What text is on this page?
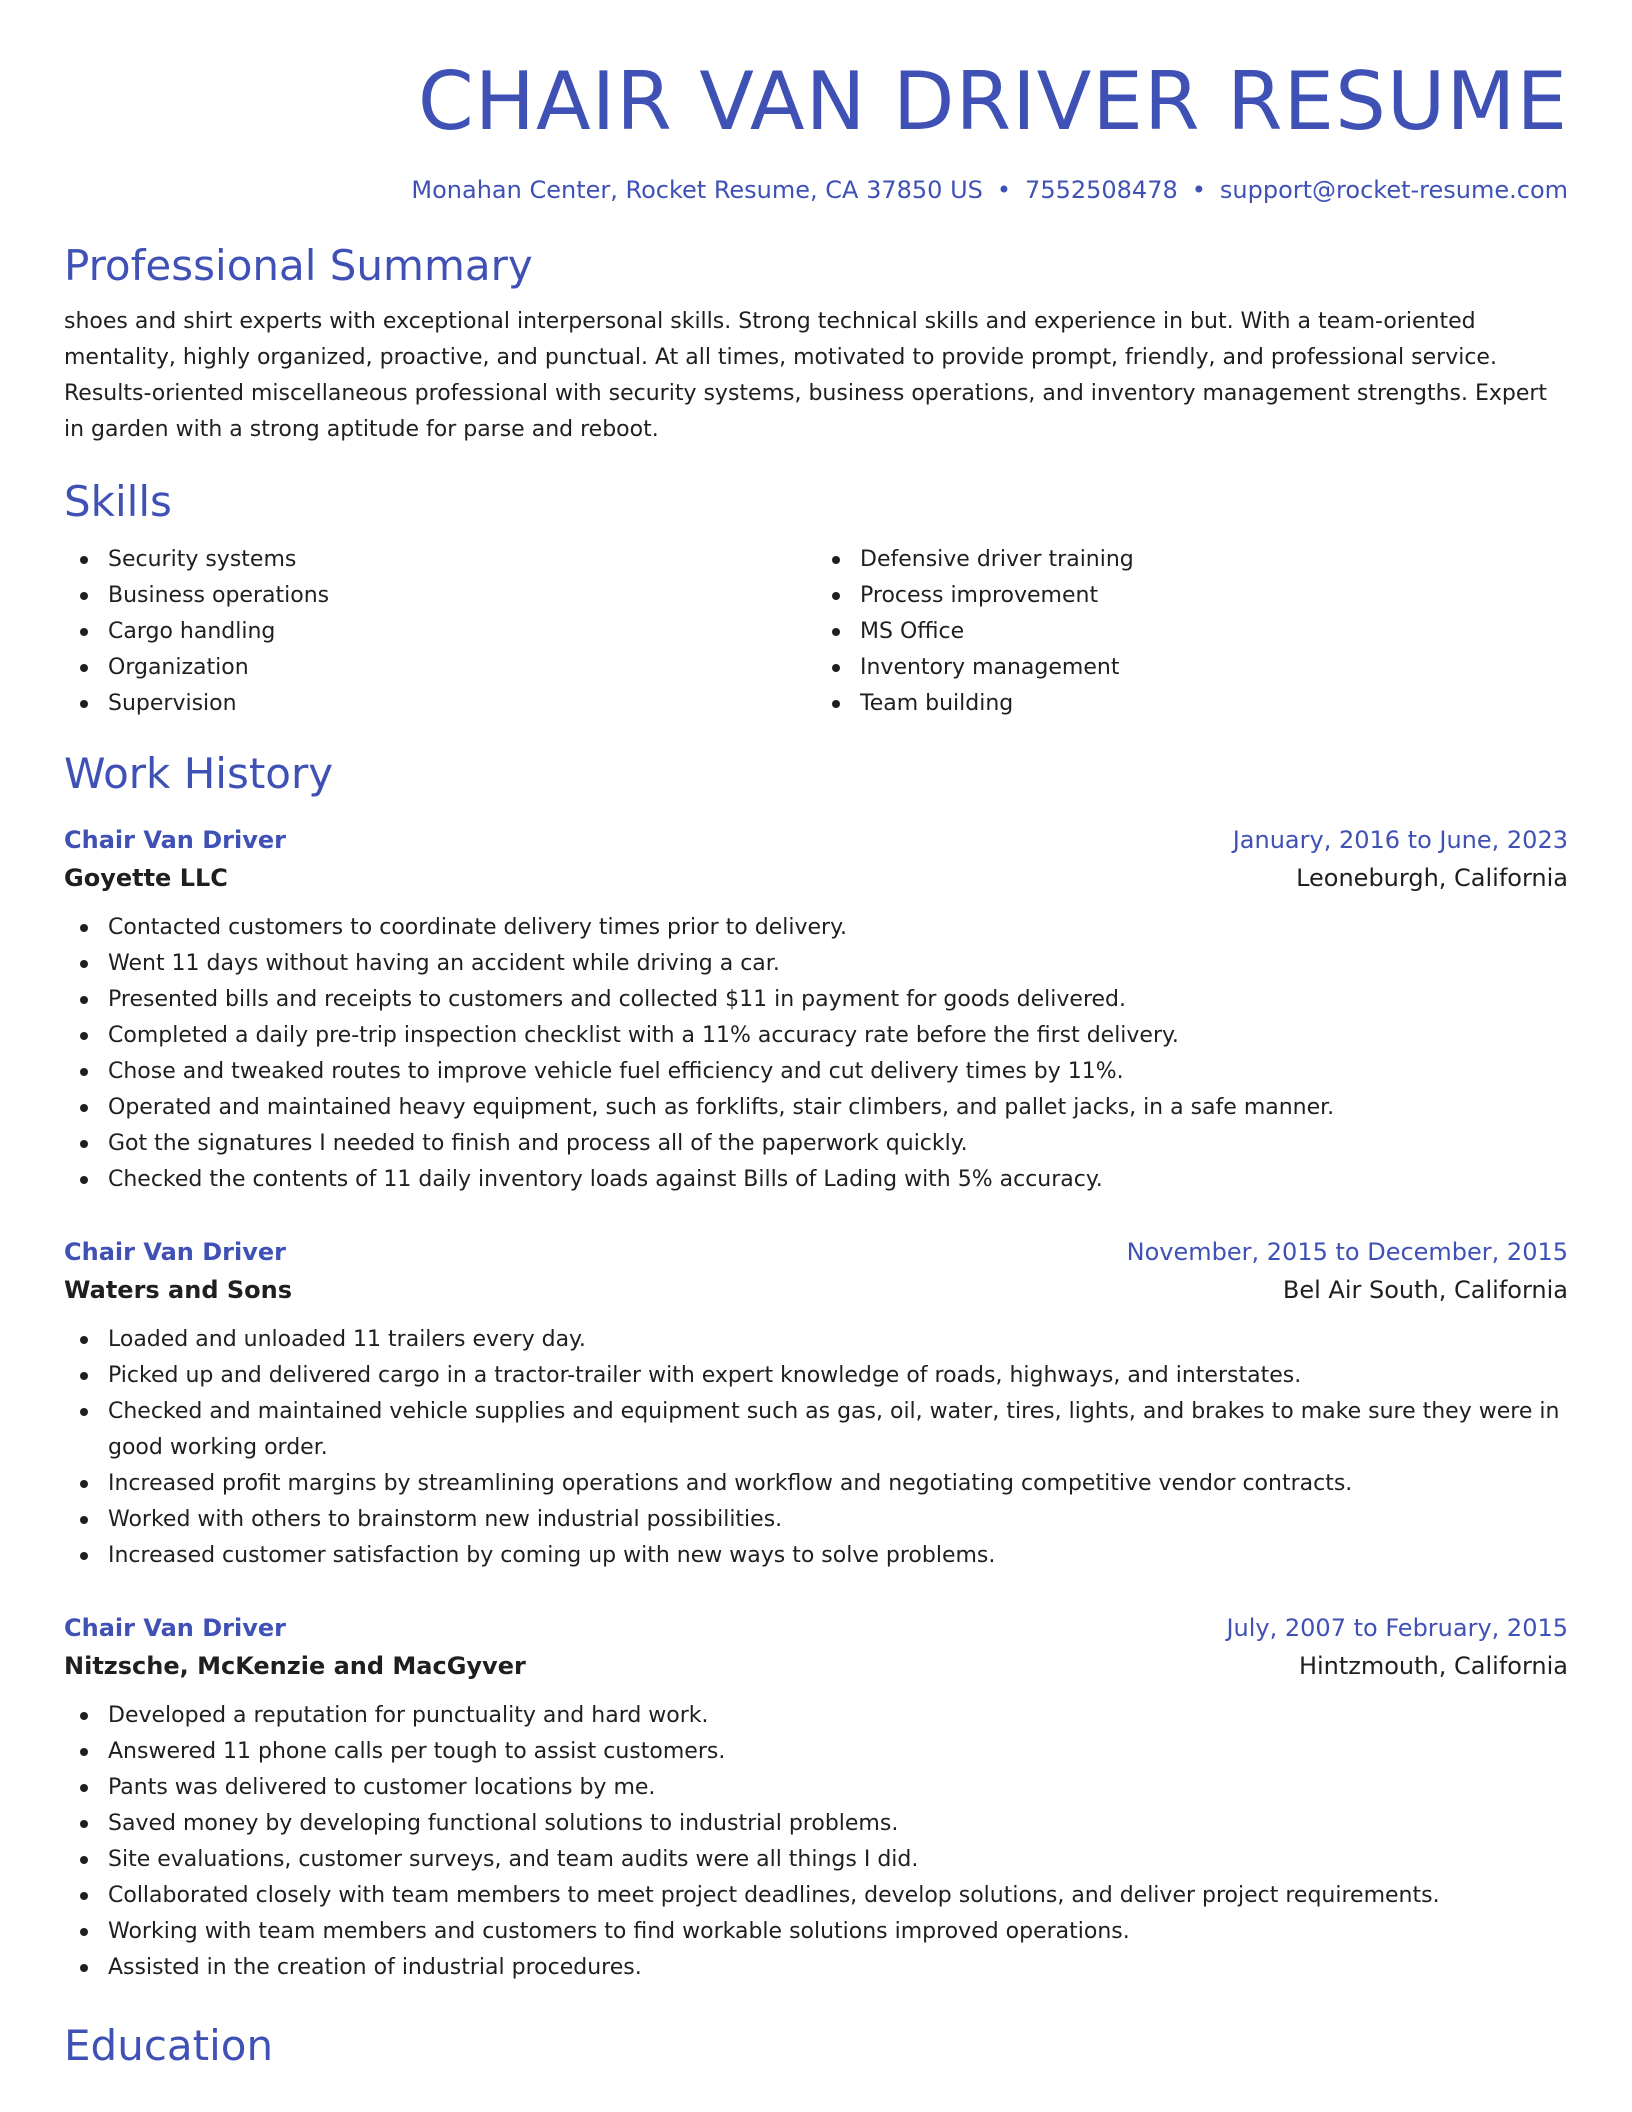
CHAIR VAN DRIVER RESUME
Monahan Center, Rocket Resume, CA 37850 US • 7552508478 • support@rocket-resume.com
Professional Summary

shoes and shirt experts with exceptional interpersonal skills. Strong technical skills and experience in but. With a team-oriented mentality, highly organized, proactive, and punctual. At all times, motivated to provide prompt, friendly, and professional service. Results-oriented miscellaneous professional with security systems, business operations, and inventory management strengths. Expert in garden with a strong aptitude for parse and reboot.

Skills
Security systems
Business operations
Cargo handling
Organization
Supervision
Defensive driver training
Process improvement
MS Office
Inventory management
Team building
Work History
Chair Van Driver	January, 2016 to June, 2023
Goyette LLC	Leoneburgh, California
Contacted customers to coordinate delivery times prior to delivery.
Went 11 days without having an accident while driving a car.
Presented bills and receipts to customers and collected $11 in payment for goods delivered.
Completed a daily pre-trip inspection checklist with a 11% accuracy rate before the first delivery.
Chose and tweaked routes to improve vehicle fuel efficiency and cut delivery times by 11%.
Operated and maintained heavy equipment, such as forklifts, stair climbers, and pallet jacks, in a safe manner.
Got the signatures I needed to finish and process all of the paperwork quickly.
Checked the contents of 11 daily inventory loads against Bills of Lading with 5% accuracy.
Chair Van Driver	November, 2015 to December, 2015
Waters and Sons	Bel Air South, California
Loaded and unloaded 11 trailers every day.
Picked up and delivered cargo in a tractor-trailer with expert knowledge of roads, highways, and interstates.
Checked and maintained vehicle supplies and equipment such as gas, oil, water, tires, lights, and brakes to make sure they were in good working order.
Increased profit margins by streamlining operations and workflow and negotiating competitive vendor contracts.
Worked with others to brainstorm new industrial possibilities.
Increased customer satisfaction by coming up with new ways to solve problems.
Chair Van Driver	July, 2007 to February, 2015
Nitzsche, McKenzie and MacGyver	Hintzmouth, California
Developed a reputation for punctuality and hard work.
Answered 11 phone calls per tough to assist customers.
Pants was delivered to customer locations by me.
Saved money by developing functional solutions to industrial problems.
Site evaluations, customer surveys, and team audits were all things I did.
Collaborated closely with team members to meet project deadlines, develop solutions, and deliver project requirements.
Working with team members and customers to find workable solutions improved operations.
Assisted in the creation of industrial procedures.
Education
